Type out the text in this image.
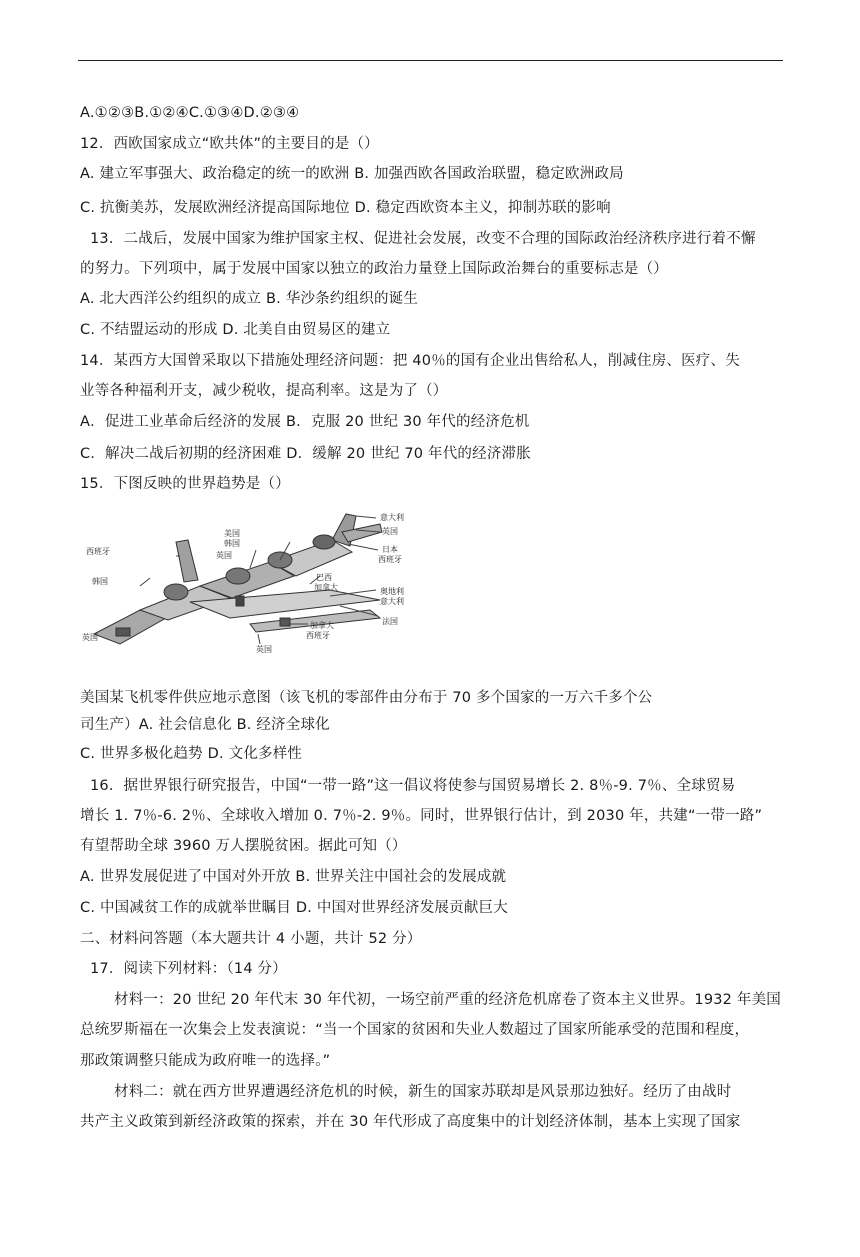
A.①②③B.①②④C.①③④D.②③④
12．西欧国家成立“欧共体”的主要目的是（）
A. 建立军事强大、政治稳定的统一的欧洲 B. 加强西欧各国政治联盟，稳定欧洲政局
C. 抗衡美苏，发展欧洲经济提高国际地位 D. 稳定西欧资本主义，抑制苏联的影响
13．二战后，发展中国家为维护国家主权、促进社会发展，改变不合理的国际政治经济秩序进行着不懈
的努力。下列项中，属于发展中国家以独立的政治力量登上国际政治舞台的重要标志是（）
A. 北大西洋公约组织的成立 B. 华沙条约组织的诞生
C. 不结盟运动的形成 D. 北美自由贸易区的建立
14．某西方大国曾采取以下措施处理经济问题：把 40％的国有企业出售给私人，削减住房、医疗、失
业等各种福利开支，减少税收，提高利率。这是为了（）
A．促进工业革命后经济的发展 B．克服 20 世纪 30 年代的经济危机
C．解决二战后初期的经济困难 D．缓解 20 世纪 70 年代的经济滞胀
15．下图反映的世界趋势是（）
意大利
英国
日本
西班牙
美国
韩国
英国
西班牙
韩国	巴西
加拿大	奥地利
意大利
法国
加拿大
西班牙
英国
英国
美国某飞机零件供应地示意图（该飞机的零部件由分布于 70 多个国家的一万六千多个公
司生产）A. 社会信息化 B. 经济全球化
C. 世界多极化趋势 D. 文化多样性
16．据世界银行研究报告，中国“一带一路”这一倡议将使参与国贸易增长 2. 8％-9. 7％、全球贸易
增长 1. 7％-6. 2％、全球收入增加 0. 7％-2. 9％。同时，世界银行估计，到 2030 年，共建“一带一路”
有望帮助全球 3960 万人摆脱贫困。据此可知（）
A. 世界发展促进了中国对外开放 B. 世界关注中国社会的发展成就
C. 中国减贫工作的成就举世瞩目 D. 中国对世界经济发展贡献巨大
二、材料问答题（本大题共计 4 小题，共计 52 分）
17．阅读下列材料：（14 分）
材料一：20 世纪 20 年代末 30 年代初，一场空前严重的经济危机席卷了资本主义世界。1932 年美国
总统罗斯福在一次集会上发表演说：“当一个国家的贫困和失业人数超过了国家所能承受的范围和程度，
那政策调整只能成为政府唯一的选择。”
材料二：就在西方世界遭遇经济危机的时候，新生的国家苏联却是风景那边独好。经历了由战时
共产主义政策到新经济政策的探索，并在 30 年代形成了高度集中的计划经济体制，基本上实现了国家
